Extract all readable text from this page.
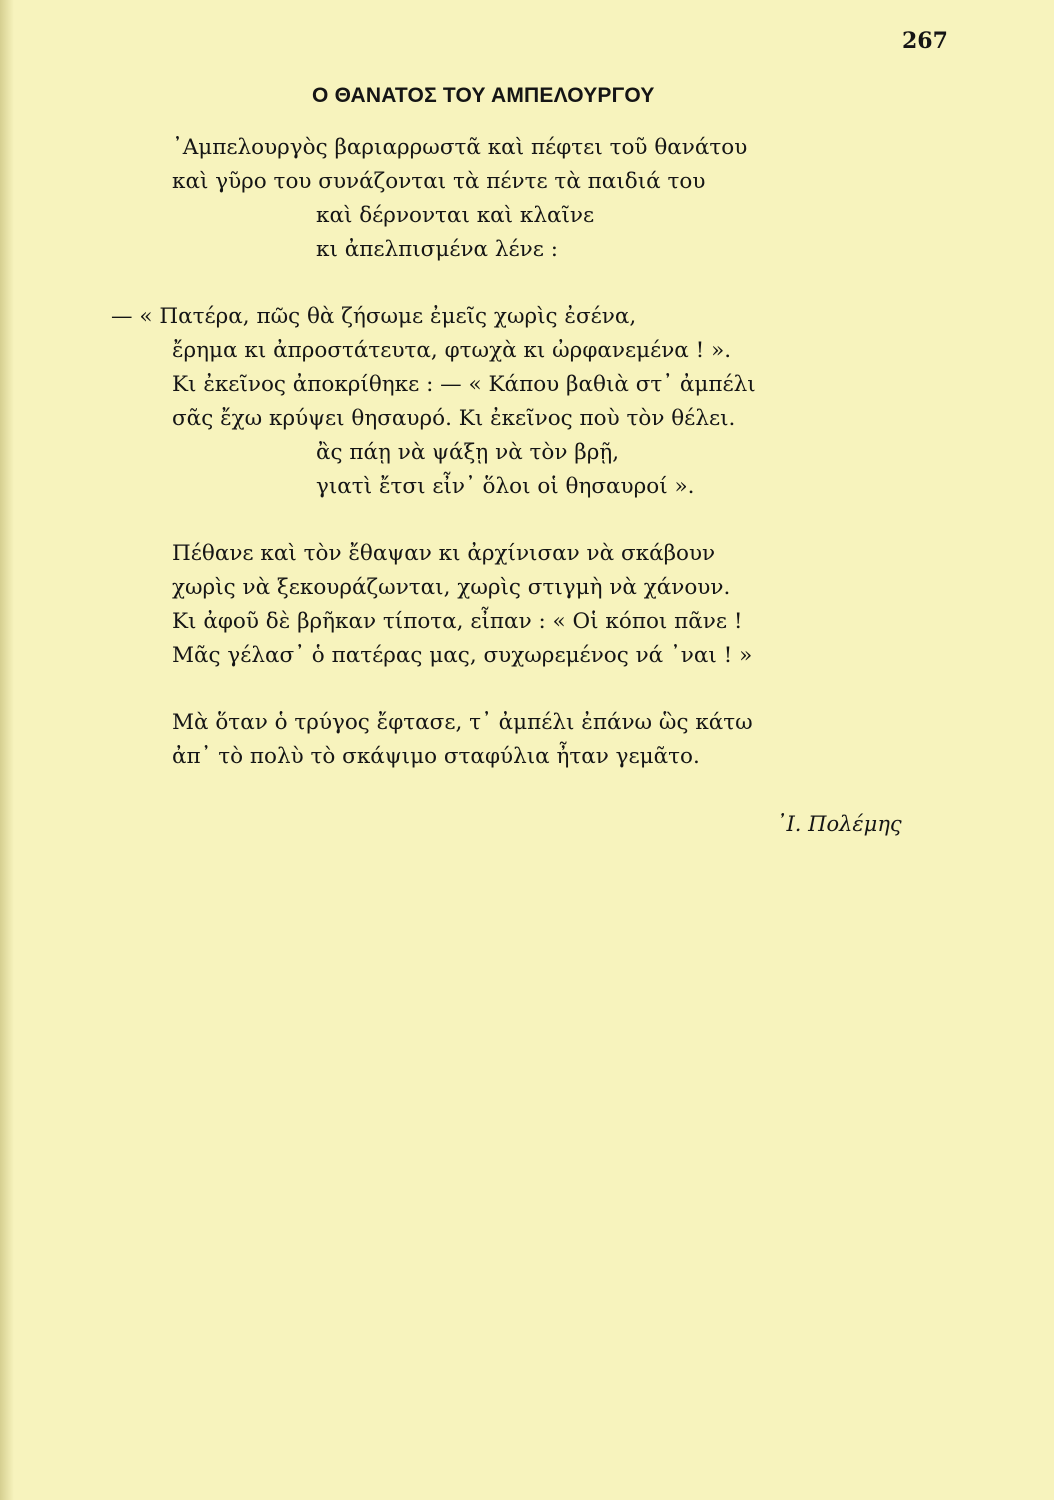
267
Ο ΘΑΝΑΤΟΣ ΤΟΥ ΑΜΠΕΛΟΥΡΓΟΥ
᾿Αμπελουργὸς βαριαρρωστᾶ καὶ πέφτει τοῦ θανάτου
καὶ γῦρο του συνάζονται τὰ πέντε τὰ παιδιά του
καὶ δέρνονται καὶ κλαῖνε
κι ἀπελπισμένα λένε :
— « Πατέρα, πῶς θὰ ζήσωμε ἐμεῖς χωρὶς ἐσένα,
ἔρημα κι ἀπροστάτευτα, φτωχὰ κι ὠρφανεμένα ! ».
Κι ἐκεῖνος ἀποκρίθηκε : — « Κάπου βαθιὰ στ᾿ ἀμπέλι
σᾶς ἔχω κρύψει θησαυρό. Κι ἐκεῖνος ποὺ τὸν θέλει.
ἂς πάῃ νὰ ψάξῃ νὰ τὸν βρῇ,
γιατὶ ἔτσι εἶν᾿ ὅλοι οἱ θησαυροί ».
Πέθανε καὶ τὸν ἔθαψαν κι ἀρχίνισαν νὰ σκάβουν
χωρὶς νὰ ξεκουράζωνται, χωρὶς στιγμὴ νὰ χάνουν.
Κι ἀφοῦ δὲ βρῆκαν τίποτα, εἶπαν : « Οἱ κόποι πᾶνε !
Μᾶς γέλασ᾿ ὁ πατέρας μας, συχωρεμένος νά ᾿ναι ! »
Μὰ ὅταν ὁ τρύγος ἔφτασε, τ᾿ ἀμπέλι ἐπάνω ὣς κάτω
ἀπ᾿ τὸ πολὺ τὸ σκάψιμο σταφύλια ἦταν γεμᾶτο.
᾿Ι. Πολέμης
